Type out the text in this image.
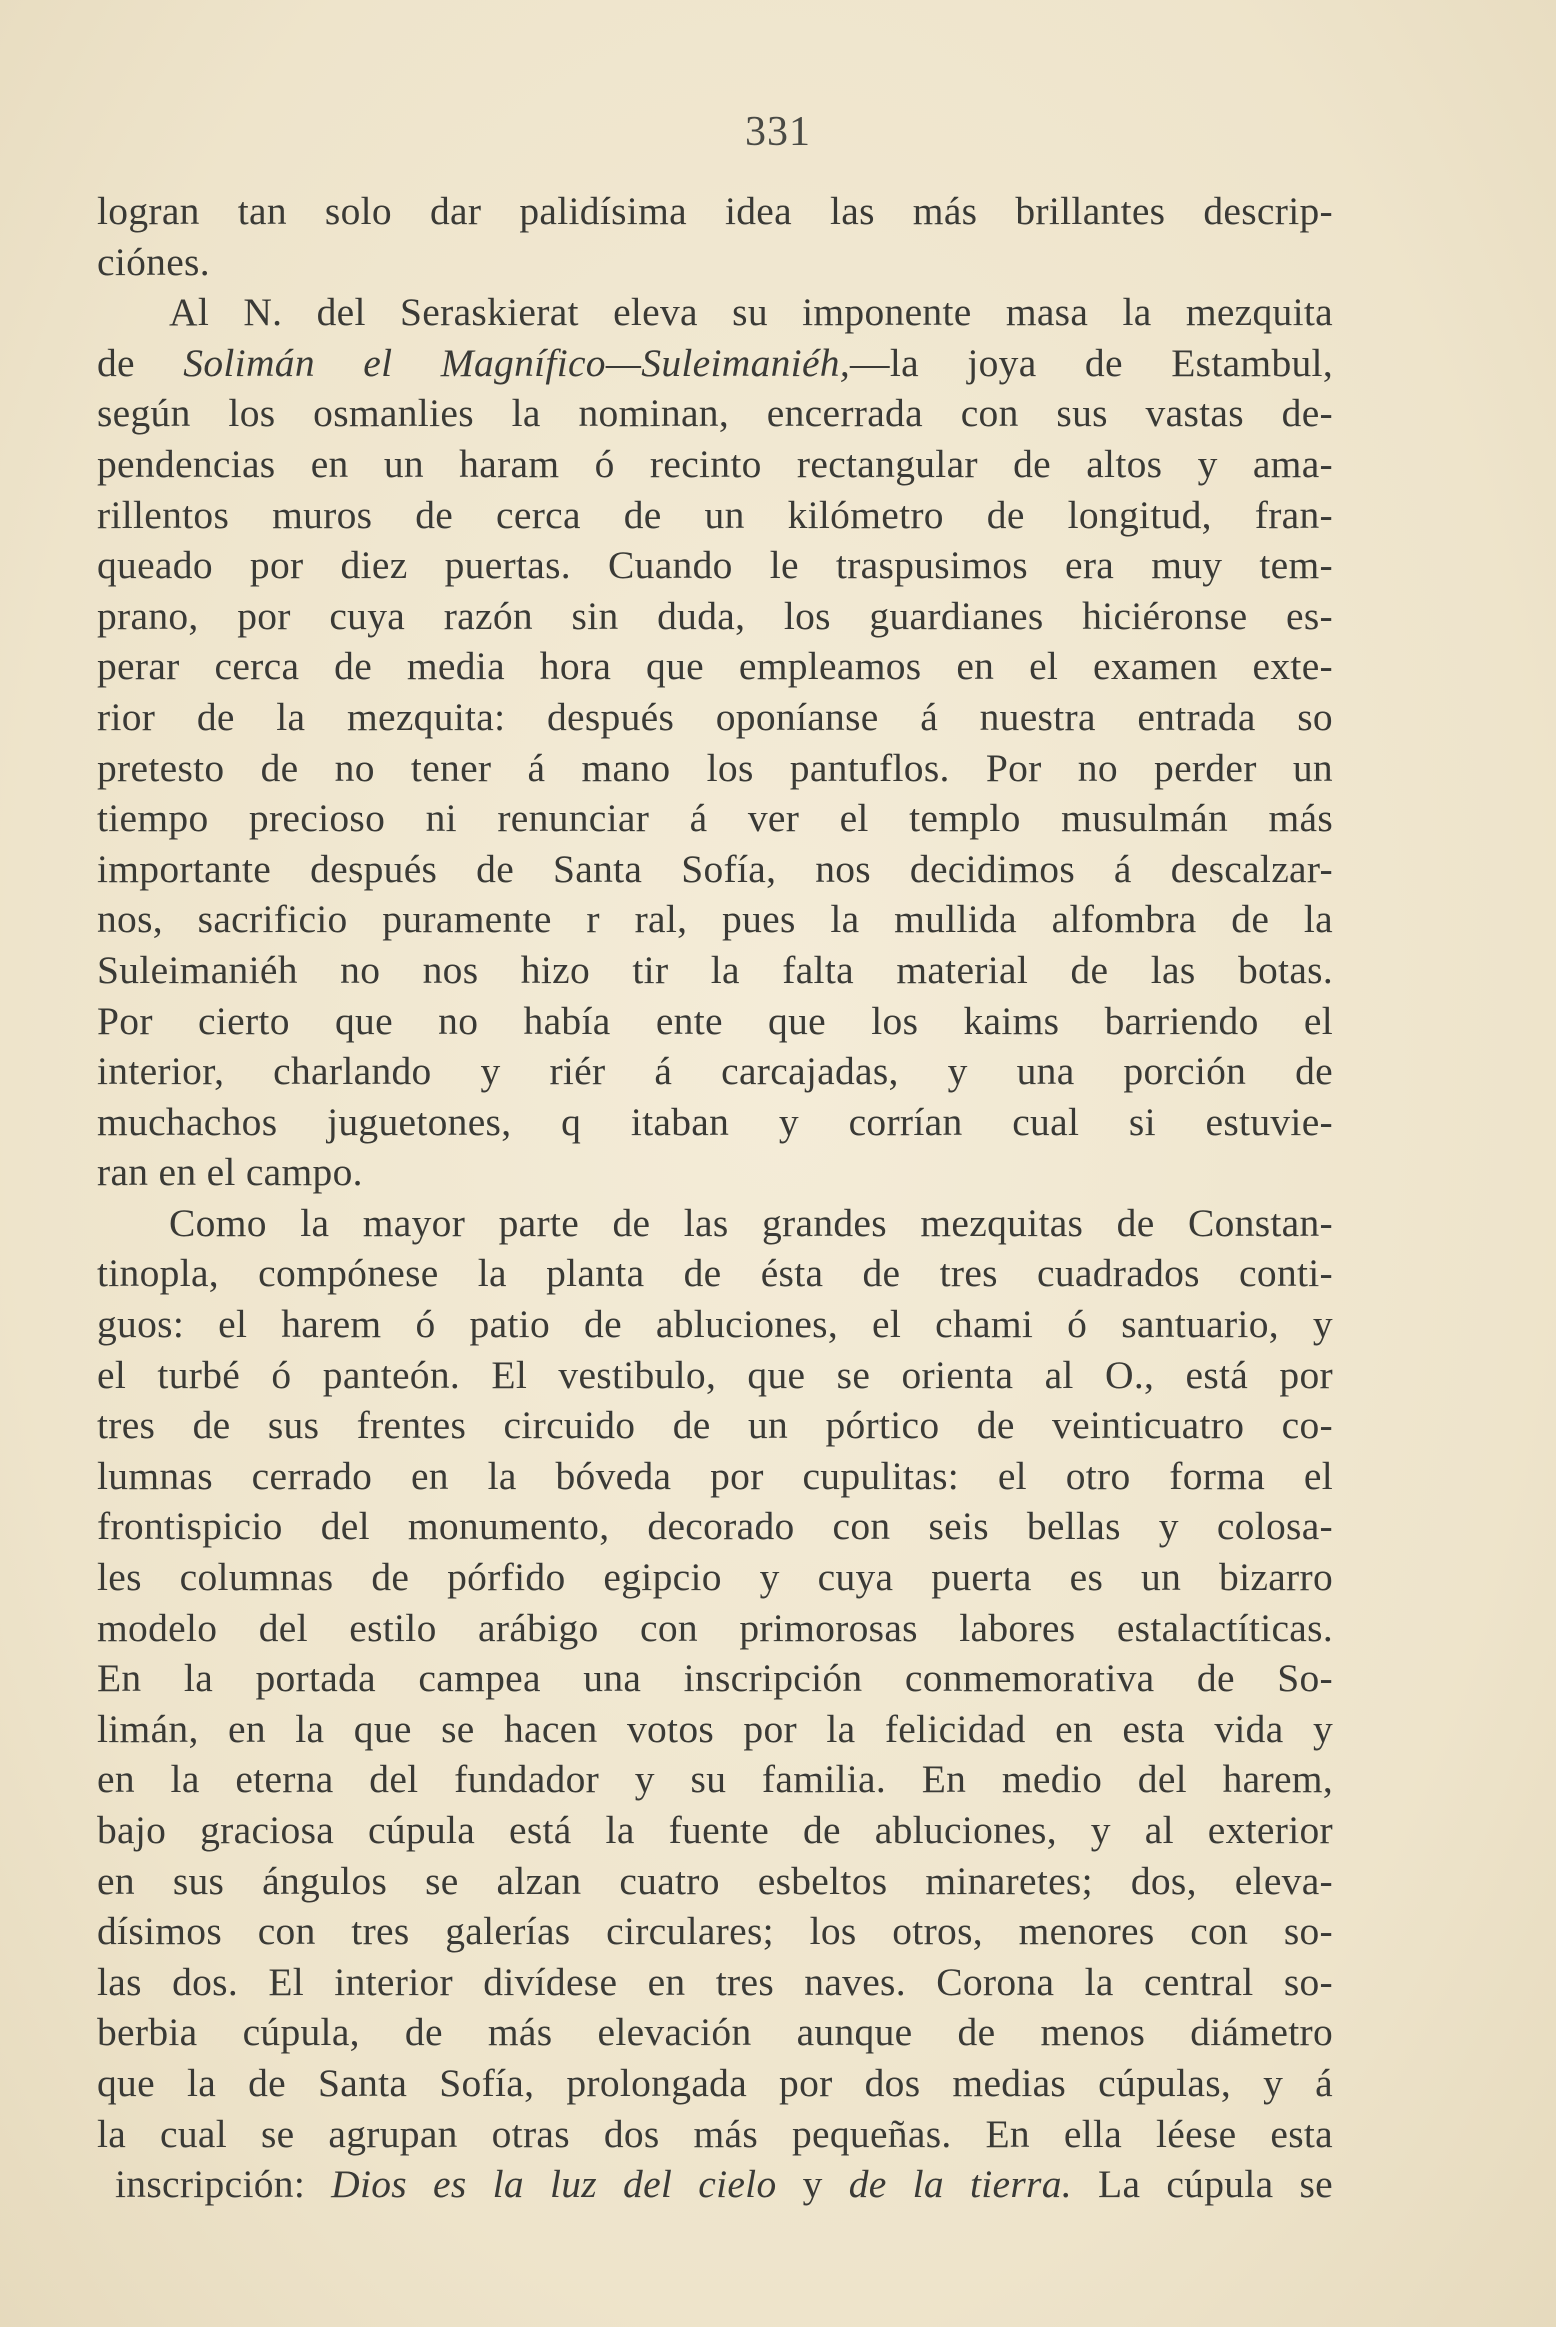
331
logran tan solo dar palidísima idea las más brillantes descrip-
ciónes.
Al N. del Seraskierat eleva su imponente masa la mezquita
de Solimán el Magnífico—Suleimaniéh,—la joya de Estambul,
según los osmanlies la nominan, encerrada con sus vastas de-
pendencias en un haram ó recinto rectangular de altos y ama-
rillentos muros de cerca de un kilómetro de longitud, fran-
queado por diez puertas. Cuando le traspusimos era muy tem-
prano, por cuya razón sin duda, los guardianes hiciéronse es-
perar cerca de media hora que empleamos en el examen exte-
rior de la mezquita: después oponíanse á nuestra entrada so
pretesto de no tener á mano los pantuflos. Por no perder un
tiempo precioso ni renunciar á ver el templo musulmán más
importante después de Santa Sofía, nos decidimos á descalzar-
nos, sacrificio puramente r ral, pues la mullida alfombra de la
Suleimaniéh no nos hizo tir la falta material de las botas.
Por cierto que no había ente que los kaims barriendo el
interior, charlando y riér á carcajadas, y una porción de
muchachos juguetones, q itaban y corrían cual si estuvie-
ran en el campo.
Como la mayor parte de las grandes mezquitas de Constan-
tinopla, compónese la planta de ésta de tres cuadrados conti-
guos: el harem ó patio de abluciones, el chami ó santuario, y
el turbé ó panteón. El vestibulo, que se orienta al O., está por
tres de sus frentes circuido de un pórtico de veinticuatro co-
lumnas cerrado en la bóveda por cupulitas: el otro forma el
frontispicio del monumento, decorado con seis bellas y colosa-
les columnas de pórfido egipcio y cuya puerta es un bizarro
modelo del estilo arábigo con primorosas labores estalactíticas.
En la portada campea una inscripción conmemorativa de So-
limán, en la que se hacen votos por la felicidad en esta vida y
en la eterna del fundador y su familia. En medio del harem,
bajo graciosa cúpula está la fuente de abluciones, y al exterior
en sus ángulos se alzan cuatro esbeltos minaretes; dos, eleva-
dísimos con tres galerías circulares; los otros, menores con so-
las dos. El interior divídese en tres naves. Corona la central so-
berbia cúpula, de más elevación aunque de menos diámetro
que la de Santa Sofía, prolongada por dos medias cúpulas, y á
la cual se agrupan otras dos más pequeñas. En ella léese esta
inscripción: Dios es la luz del cielo y de la tierra. La cúpula se
